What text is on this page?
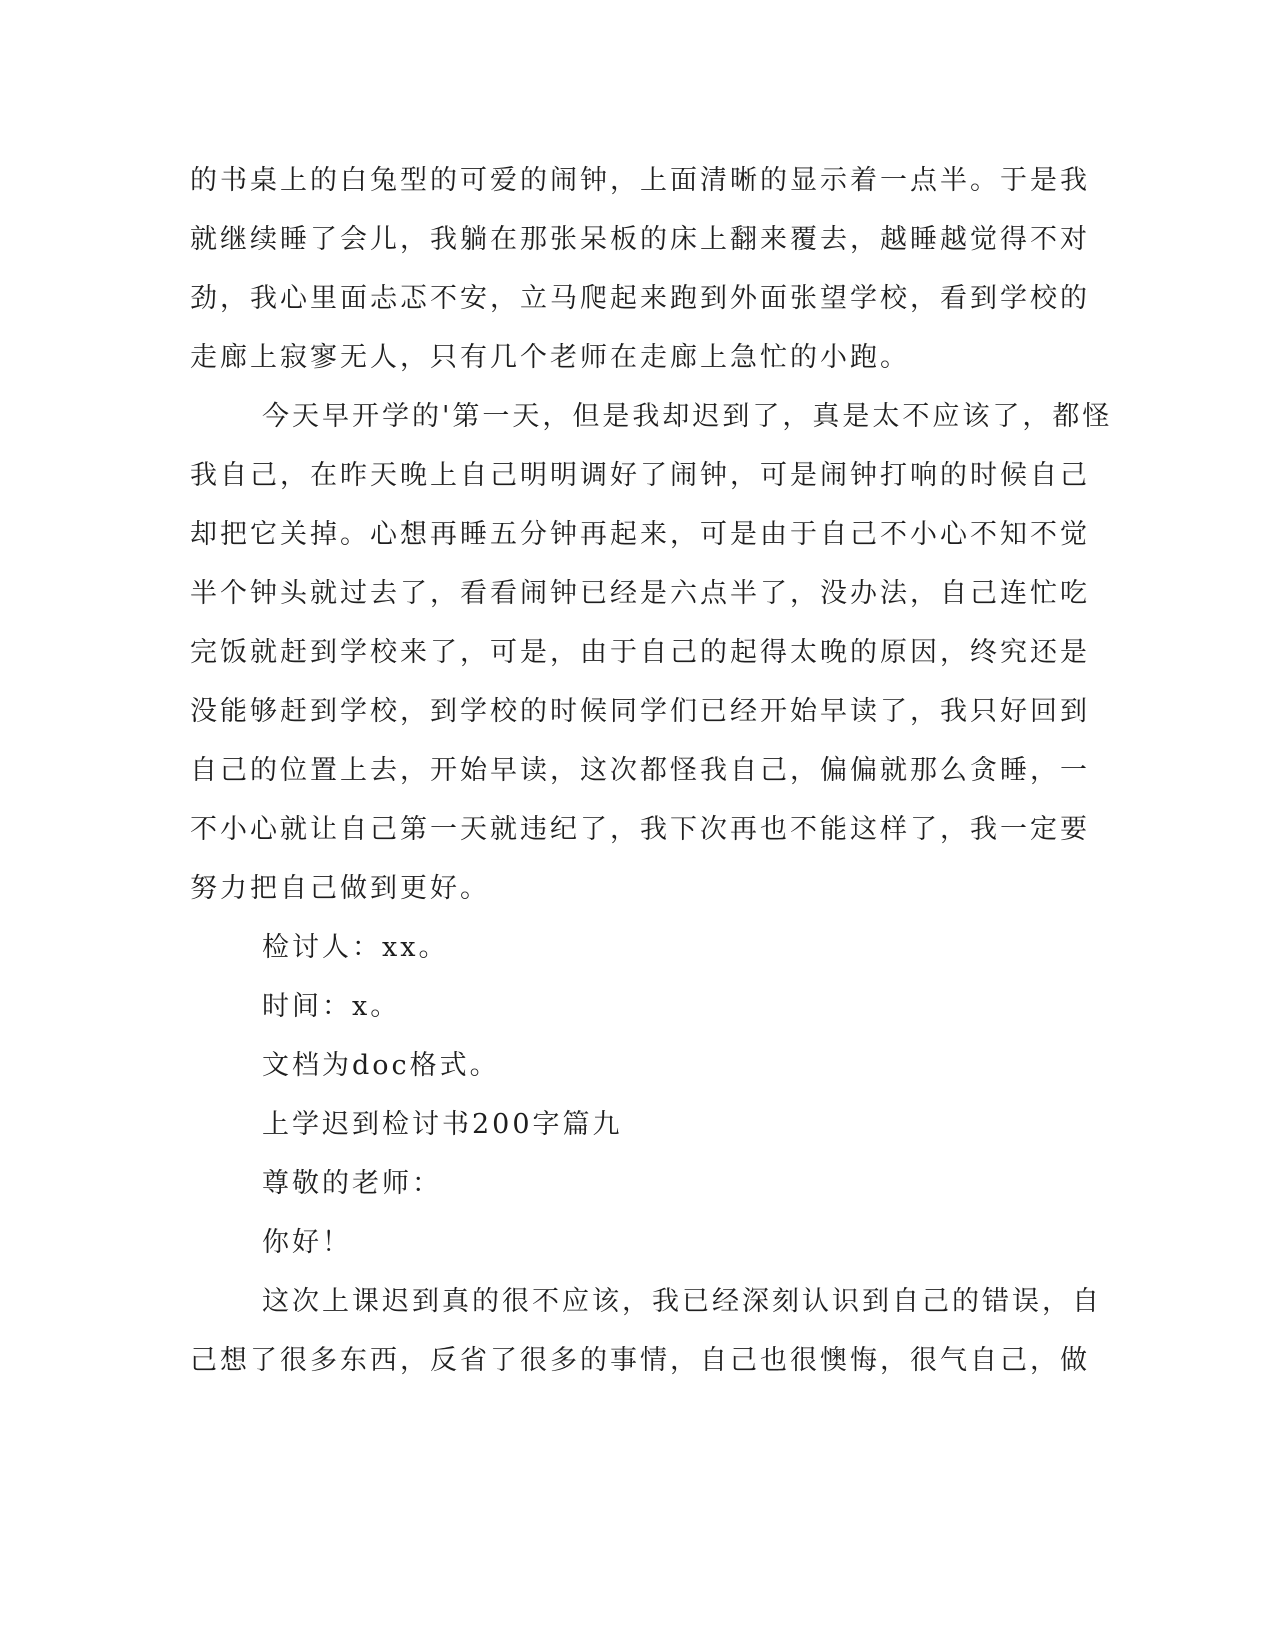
的书桌上的白兔型的可爱的闹钟，上面清晰的显示着一点半。于是我

就继续睡了会儿，我躺在那张呆板的床上翻来覆去，越睡越觉得不对

劲，我心里面忐忑不安，立马爬起来跑到外面张望学校，看到学校的

走廊上寂寥无人，只有几个老师在走廊上急忙的小跑。

今天早开学的'第一天，但是我却迟到了，真是太不应该了，都怪

我自己，在昨天晚上自己明明调好了闹钟，可是闹钟打响的时候自己

却把它关掉。心想再睡五分钟再起来，可是由于自己不小心不知不觉

半个钟头就过去了，看看闹钟已经是六点半了，没办法，自己连忙吃

完饭就赶到学校来了，可是，由于自己的起得太晚的原因，终究还是

没能够赶到学校，到学校的时候同学们已经开始早读了，我只好回到

自己的位置上去，开始早读，这次都怪我自己，偏偏就那么贪睡，一

不小心就让自己第一天就违纪了，我下次再也不能这样了，我一定要

努力把自己做到更好。

检讨人：xx。

时间：x。

文档为doc格式。

上学迟到检讨书200字篇九

尊敬的老师：

你好！

这次上课迟到真的很不应该，我已经深刻认识到自己的错误，自

己想了很多东西，反省了很多的事情，自己也很懊悔，很气自己，做
